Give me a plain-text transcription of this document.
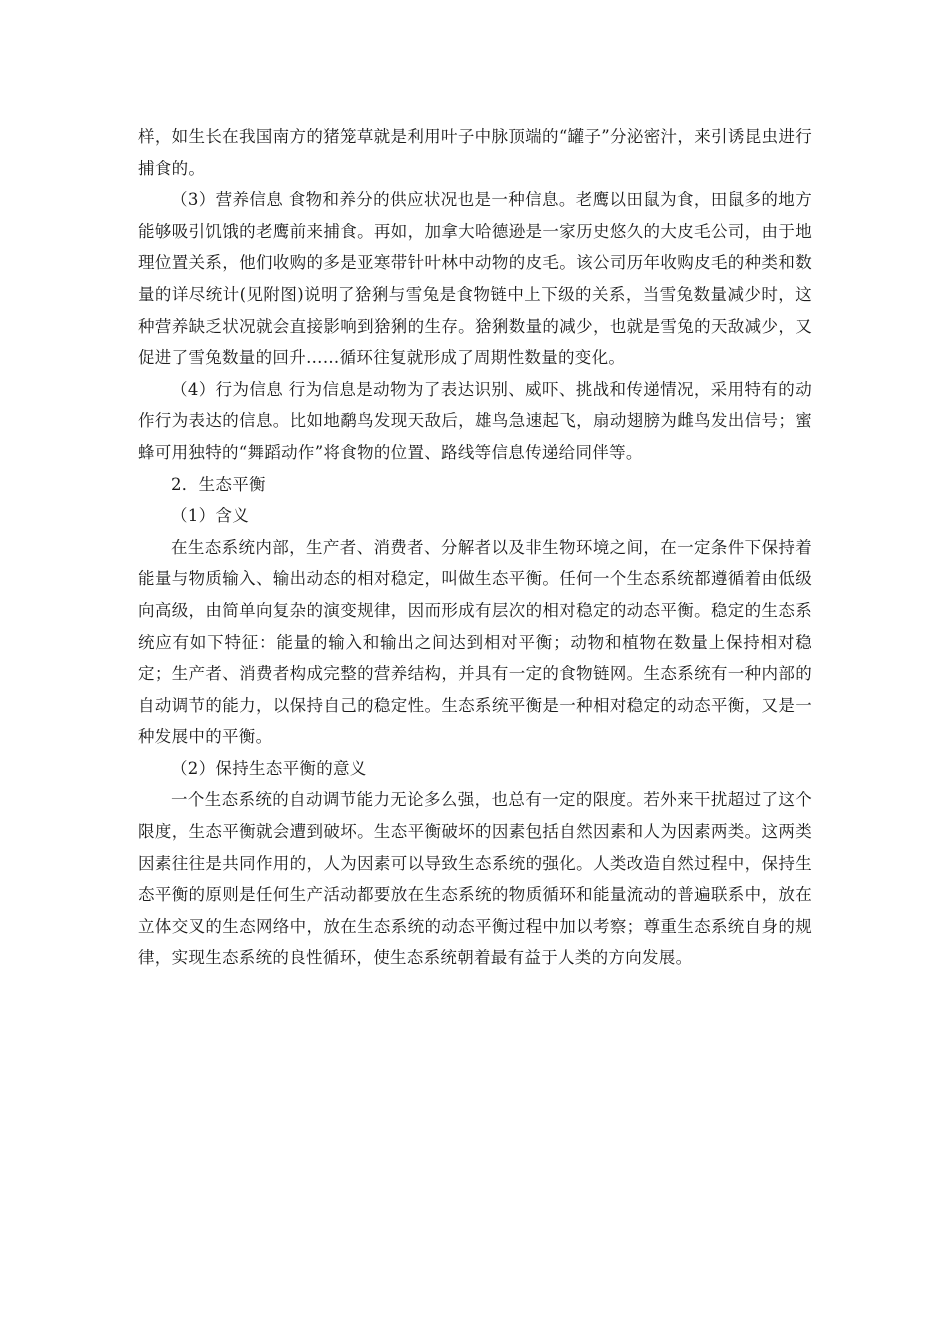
样，如生长在我国南方的猪笼草就是利用叶子中脉顶端的“罐子”分泌密汁，来引诱昆虫进行捕食的。

（3）营养信息 食物和养分的供应状况也是一种信息。老鹰以田鼠为食，田鼠多的地方能够吸引饥饿的老鹰前来捕食。再如，加拿大哈德逊是一家历史悠久的大皮毛公司，由于地理位置关系，他们收购的多是亚寒带针叶林中动物的皮毛。该公司历年收购皮毛的种类和数量的详尽统计(见附图)说明了猞猁与雪兔是食物链中上下级的关系，当雪兔数量减少时，这种营养缺乏状况就会直接影响到猞猁的生存。猞猁数量的减少，也就是雪兔的天敌减少，又促进了雪兔数量的回升……循环往复就形成了周期性数量的变化。

（4）行为信息 行为信息是动物为了表达识别、威吓、挑战和传递情况，采用特有的动作行为表达的信息。比如地鹬鸟发现天敌后，雄鸟急速起飞，扇动翅膀为雌鸟发出信号；蜜蜂可用独特的“舞蹈动作”将食物的位置、路线等信息传递给同伴等。

2．生态平衡

（1）含义

在生态系统内部，生产者、消费者、分解者以及非生物环境之间，在一定条件下保持着能量与物质输入、输出动态的相对稳定，叫做生态平衡。任何一个生态系统都遵循着由低级向高级，由简单向复杂的演变规律，因而形成有层次的相对稳定的动态平衡。稳定的生态系统应有如下特征：能量的输入和输出之间达到相对平衡；动物和植物在数量上保持相对稳定；生产者、消费者构成完整的营养结构，并具有一定的食物链网。生态系统有一种内部的自动调节的能力，以保持自己的稳定性。生态系统平衡是一种相对稳定的动态平衡，又是一种发展中的平衡。

（2）保持生态平衡的意义

一个生态系统的自动调节能力无论多么强，也总有一定的限度。若外来干扰超过了这个限度，生态平衡就会遭到破坏。生态平衡破坏的因素包括自然因素和人为因素两类。这两类因素往往是共同作用的，人为因素可以导致生态系统的强化。人类改造自然过程中，保持生态平衡的原则是任何生产活动都要放在生态系统的物质循环和能量流动的普遍联系中，放在立体交叉的生态网络中，放在生态系统的动态平衡过程中加以考察；尊重生态系统自身的规律，实现生态系统的良性循环，使生态系统朝着最有益于人类的方向发展。
